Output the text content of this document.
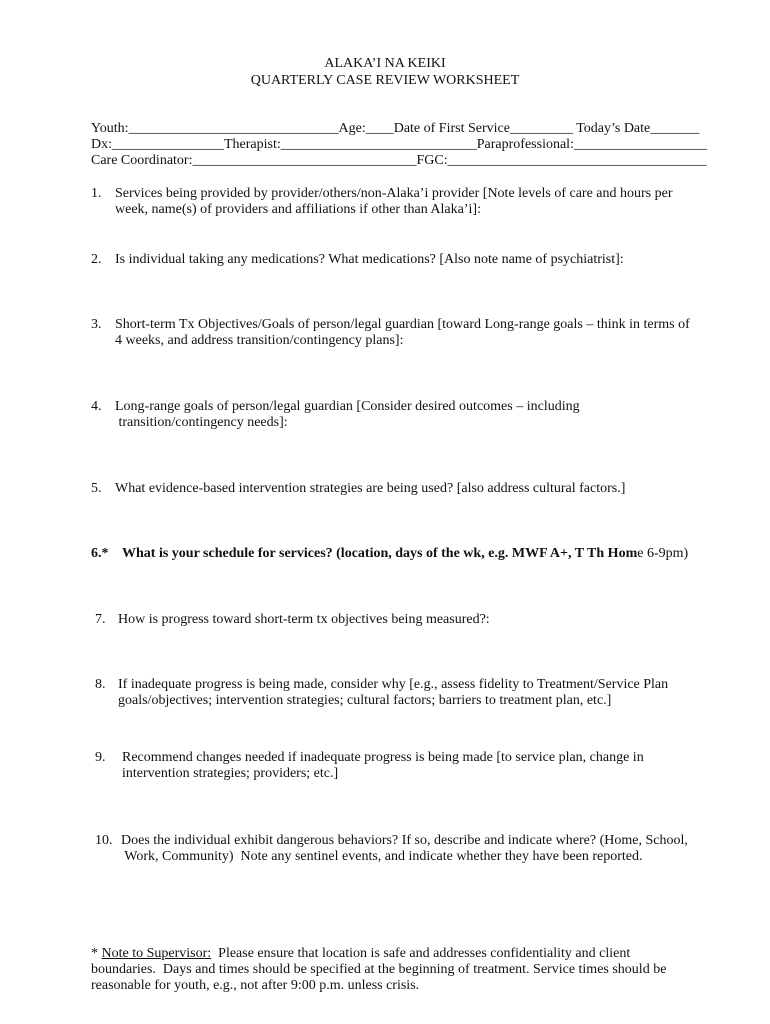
ALAKA’I NA KEIKI
QUARTERLY CASE REVIEW WORKSHEET
Youth:______________________________Age:____Date of First Service_________ Today’s Date_______
Dx:________________Therapist:____________________________Paraprofessional:___________________
Care Coordinator:________________________________FGC:_____________________________________
1. Services being provided by provider/others/non-Alaka’i provider [Note levels of care and hours per
week, name(s) of providers and affiliations if other than Alaka’i]:
2. Is individual taking any medications? What medications? [Also note name of psychiatrist]:
3. Short-term Tx Objectives/Goals of person/legal guardian [toward Long-range goals – think in terms of
4 weeks, and address transition/contingency plans]:
4. Long-range goals of person/legal guardian [Consider desired outcomes – including
transition/contingency needs]:
5. What evidence-based intervention strategies are being used? [also address cultural factors.]
6.* What is your schedule for services? (location, days of the wk, e.g. MWF A+, T Th Home 6-9pm)
7. How is progress toward short-term tx objectives being measured?:
8. If inadequate progress is being made, consider why [e.g., assess fidelity to Treatment/Service Plan
goals/objectives; intervention strategies; cultural factors; barriers to treatment plan, etc.]
9. Recommend changes needed if inadequate progress is being made [to service plan, change in
intervention strategies; providers; etc.]
10. Does the individual exhibit dangerous behaviors? If so, describe and indicate where? (Home, School,
Work, Community)  Note any sentinel events, and indicate whether they have been reported.
* Note to Supervisor:  Please ensure that location is safe and addresses confidentiality and client
boundaries.  Days and times should be specified at the beginning of treatment. Service times should be
reasonable for youth, e.g., not after 9:00 p.m. unless crisis.
